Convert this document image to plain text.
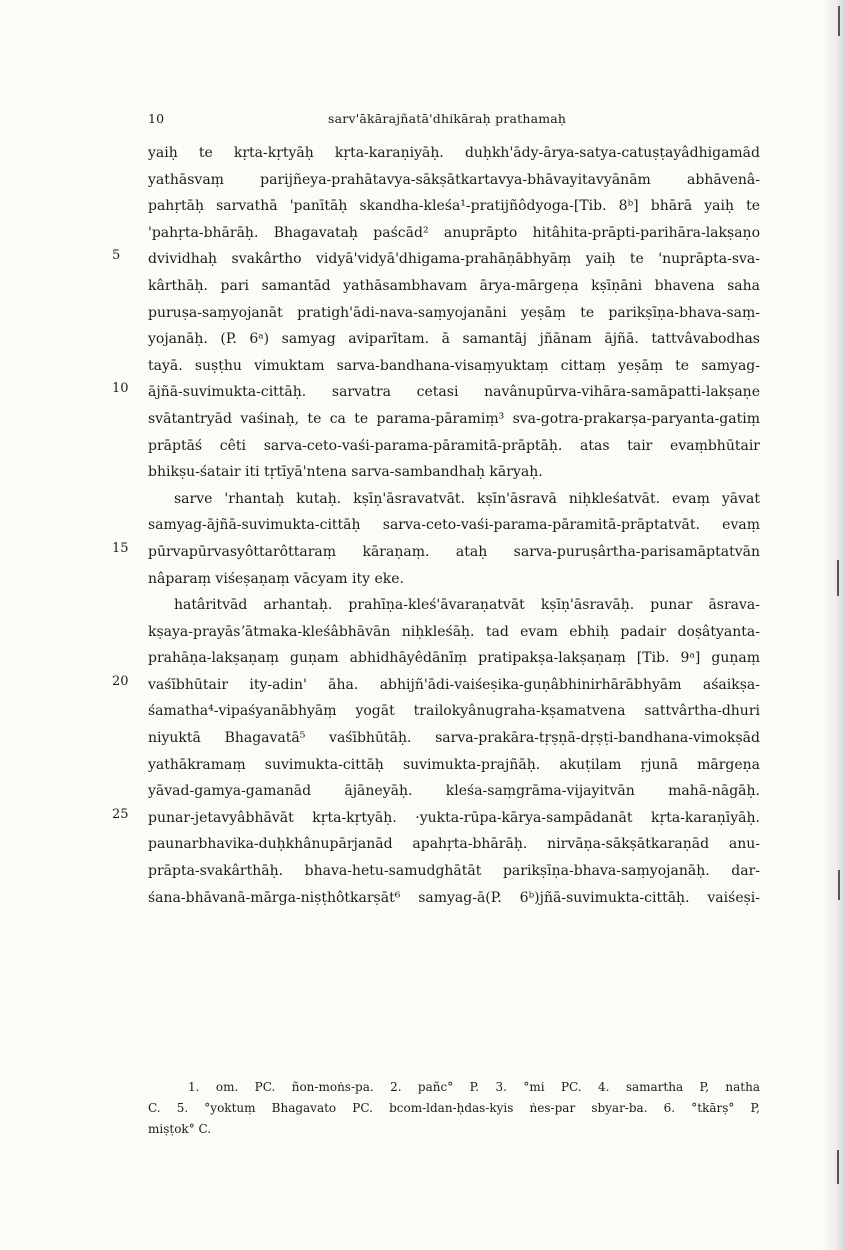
10	sarv'ākārajñatā'dhikāraḥ prathamaḥ
yaiḥ te kṛta-kṛtyāḥ kṛta-karaṇiyāḥ. duḥkh'ādy-ārya-satya-catuṣṭayâdhigamād
yathāsvaṃ parijñeya-prahātavya-sākṣātkartavya-bhāvayitavyānām abhāvenâ-
pahṛtāḥ sarvathā 'panītāḥ skandha-kleśa¹-pratijñôdyoga-[Tib. 8ᵇ] bhārā yaiḥ te
'pahṛta-bhārāḥ. Bhagavataḥ paścād² anuprāpto hitâhita-prāpti-parihāra-lakṣaṇo
dvividhaḥ svakârtho vidyā'vidyā'dhigama-prahāṇābhyāṃ yaiḥ te 'nuprāpta-sva-
kârthāḥ. pari samantād yathāsambhavam ārya-mārgeṇa kṣīṇāni bhavena saha
puruṣa-saṃyojanāt pratigh'ādi-nava-saṃyojanāni yeṣāṃ te parikṣīṇa-bhava-saṃ-
yojanāḥ. (P. 6ᵃ) samyag aviparītam. ā samantāj jñānam ājñā. tattvâvabodhas
tayā. suṣṭhu vimuktam sarva-bandhana-visaṃyuktaṃ cittaṃ yeṣāṃ te samyag-
ājñā-suvimukta-cittāḥ. sarvatra cetasi navânupūrva-vihāra-samāpatti-lakṣaṇe
svātantryād vaśinaḥ, te ca te parama-pāramiṃ³ sva-gotra-prakarṣa-paryanta-gatiṃ
prāptāś cêti sarva-ceto-vaśi-parama-pāramitā-prāptāḥ. atas tair evaṃbhūtair
bhikṣu-śatair iti tṛtīyā'ntena sarva-sambandhaḥ kāryaḥ.
sarve 'rhantaḥ kutaḥ. kṣīṇ'āsravatvāt. kṣīn'āsravā niḥkleśatvāt. evaṃ yāvat
samyag-ājñā-suvimukta-cittāḥ sarva-ceto-vaśi-parama-pāramitā-prāptatvāt. evaṃ
pūrvapūrvasyôttarôttaraṃ kāraṇaṃ. ataḥ sarva-puruṣârtha-parisamāptatvān
nâparaṃ viśeṣaṇaṃ vācyam ity eke.
hatâritvād arhantaḥ. prahīṇa-kleś'āvaraṇatvāt kṣīṇ'āsravāḥ. punar āsrava-
kṣaya-prayāsʼātmaka-kleśâbhāvān niḥkleśāḥ. tad evam ebhiḥ padair doṣâtyanta-
prahāṇa-lakṣaṇaṃ guṇam abhidhāyêdānīṃ pratipakṣa-lakṣaṇaṃ [Tib. 9ᵃ] guṇaṃ
vaśībhūtair ity-adin' āha. abhijñ'ādi-vaiśeṣika-guṇâbhinirhārābhyām aśaikṣa-
śamatha⁴-vipaśyanābhyāṃ yogāt trailokyânugraha-kṣamatvena sattvârtha-dhuri
niyuktā Bhagavatā⁵ vaśībhūtāḥ. sarva-prakāra-tṛṣṇā-dṛṣṭi-bandhana-vimokṣād
yathākramaṃ suvimukta-cittāḥ suvimukta-prajñāḥ. akuṭilam ṛjunā mārgeṇa
yāvad-gamya-gamanād ājāneyāḥ. kleśa-saṃgrāma-vijayitvān mahā-nāgāḥ.
punar-jetavyâbhāvāt kṛta-kṛtyāḥ. ·yukta-rūpa-kārya-sampādanāt kṛta-karaṇīyāḥ.
paunarbhavika-duḥkhânupārjanād apahṛta-bhārāḥ. nirvāṇa-sākṣātkaraṇād anu-
prāpta-svakârthāḥ. bhava-hetu-samudghātāt parikṣīṇa-bhava-saṃyojanāḥ. dar-
śana-bhāvanā-mārga-niṣṭhôtkarṣāt⁶ samyag-ā(P. 6ᵇ)jñā-suvimukta-cittāḥ. vaiśeṣi-
5
10
15
20
25
1. om. PC. ñon-moṅs-pa. 2. pañc° P. 3. °mi PC. 4. samartha P, natha
C. 5. °yoktuṃ Bhagavato PC. bcom-ldan-ḥdas-kyis ṅes-par sbyar-ba. 6. °tkārṣ° P,
miṣṭok° C.
